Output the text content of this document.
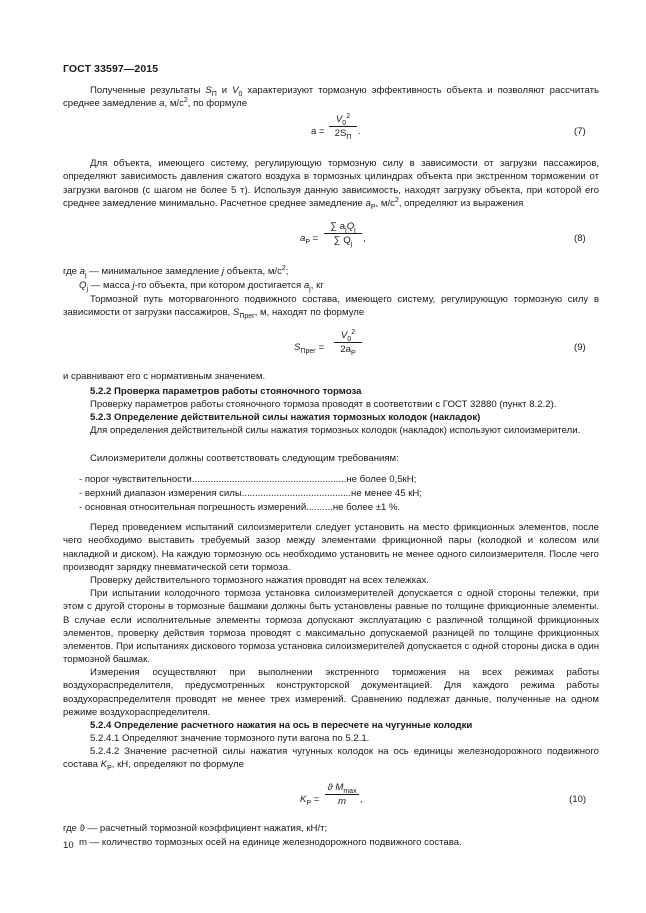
ГОСТ 33597—2015
Полученные результаты $S_П$ и $V_0$ характеризуют тормозную эффективность объекта и позволяют рассчитать среднее замедление a, $м/с^2$, по формуле
a =
$V_0^2$
$2S_П$
.	(7)
Для объекта, имеющего систему, регулирующую тормозную силу в зависимости от загрузки пассажиров, определяют зависимость давления сжатого воздуха в тормозных цилиндрах объекта при экстренном торможении от загрузки вагонов (с шагом не более 5 т). Используя данную зависимость, находят загрузку объекта, при которой его среднее замедление минимально. Расчетное среднее замедление $a_P$, $м/с^2$, определяют из выражения
$a_P$ =
∑ $a_jQ_j$
∑ $Q_j$
,	(8)
где $a_j$ — минимальное замедление j объекта, $м/с^2$;
$Q_j$ — масса j-го объекта, при котором достигается $a_j$, кг
Тормозной путь моторвагонного подвижного состава, имеющего систему, регулирующую тормозную силу в зависимости от загрузки пассажиров, $S_{Прег}$, м, находят по формуле
$S_{Прег} = \frac{V_0^2}{2a_P}$	(9)
и сравнивают его с нормативным значением.
5.2.2 Проверка параметров работы стояночного тормоза
Проверку параметров работы стояночного тормоза проводят в соответствии с ГОСТ 32880 (пункт 8.2.2).
5.2.3 Определение действительной силы нажатия тормозных колодок (накладок)
Для определения действительной силы нажатия тормозных колодок (накладок) используют силоизмерители.
Силоизмерители должны соответствовать следующим требованиям:
- порог чувствительности..........................................................не более 0,5кН;
- верхний диапазон измерения силы.........................................не менее 45 кН;
- основная относительная погрешность измерений..........не более ±1 %.
Перед проведением испытаний силоизмерители следует установить на место фрикционных элементов, после чего необходимо выставить требуемый зазор между элементами фрикционной пары (колодкой и колесом или накладкой и диском). На каждую тормозную ось необходимо установить не менее одного силоизмерителя. После чего производят зарядку пневматической сети тормоза.
Проверку действительного тормозного нажатия проводят на всех тележках.
При испытании колодочного тормоза установка силоизмерителей допускается с одной стороны тележки, при этом с другой стороны в тормозные башмаки должны быть установлены равные по толщине фрикционные элементы. В случае если исполнительные элементы тормоза допускают эксплуатацию с различной толщиной фрикционных элементов, проверку действия тормоза проводят с максимально допускаемой разницей по толщине фрикционных элементов. При испытаниях дискового тормоза установка силоизмерителей допускается с одной стороны диска в один тормозной башмак.
Измерения осуществляют при выполнении экстренного торможения на всех режимах работы воздухораспределителя, предусмотренных конструкторской документацией. Для каждого режима работы воздухораспределителя проводят не менее трех измерений. Сравнению подлежат данные, полученные на одном режиме воздухораспределителя.
5.2.4 Определение расчетного нажатия на ось в пересчете на чугунные колодки
5.2.4.1 Определяют значение тормозного пути вагона по 5.2.1.
5.2.4.2 Значение расчетной силы нажатия чугунных колодок на ось единицы железнодорожного подвижного состава $K_P$, кН, определяют по формуле
$K_P$ =
ϑ $M_{max}$
m	,	(10)
где ϑ — расчетный тормозной коэффициент нажатия, кН/т;
m — количество тормозных осей на единице железнодорожного подвижного состава.
10
